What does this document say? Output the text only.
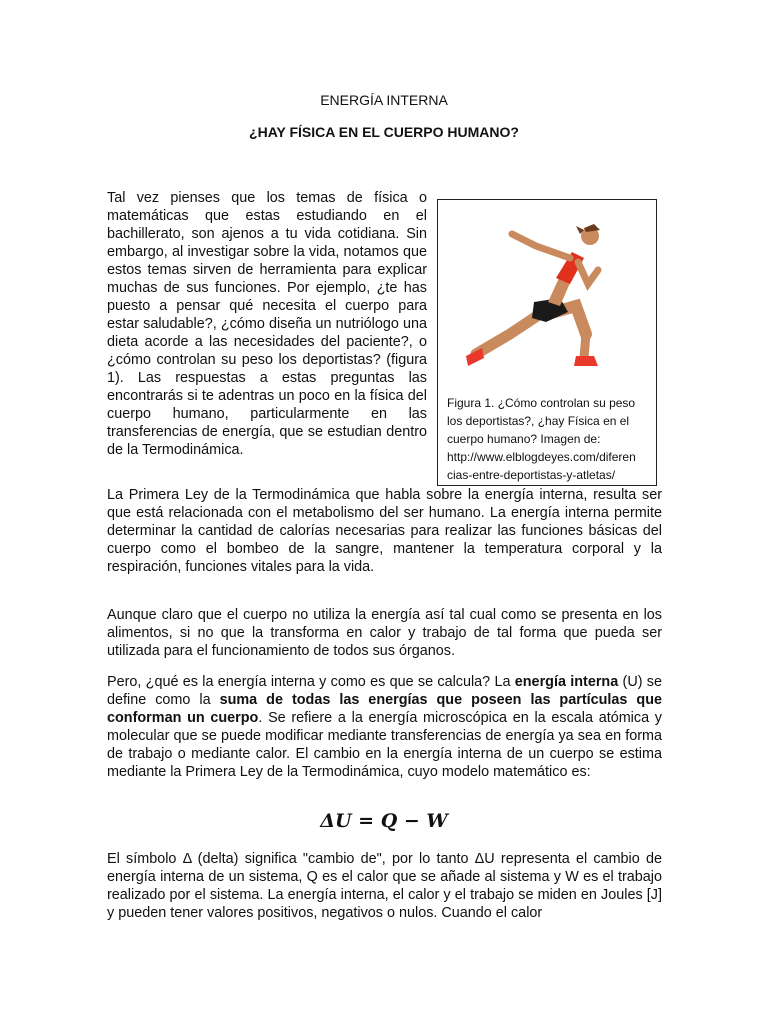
ENERGÍA INTERNA
¿HAY FÍSICA EN EL CUERPO HUMANO?

Tal vez pienses que los temas de física o matemáticas que estas estudiando en el bachillerato, son ajenos a tu vida cotidiana. Sin embargo, al investigar sobre la vida, notamos que estos temas sirven de herramienta para explicar muchas de sus funciones. Por ejemplo, ¿te has puesto a pensar qué necesita el cuerpo para estar saludable?, ¿cómo diseña un nutriólogo una dieta acorde a las necesidades del paciente?, o ¿cómo controlan su peso los deportistas? (figura 1). Las respuestas a estas preguntas las encontrarás si te adentras un poco en la física del cuerpo humano, particularmente en las transferencias de energía, que se estudian dentro de la Termodinámica.

Figura 1. ¿Cómo controlan su peso
los deportistas?, ¿hay Física en el
cuerpo humano? Imagen de:
http://www.elblogdeyes.com/diferen
cias-entre-deportistas-y-atletas/

La Primera Ley de la Termodinámica que habla sobre la energía interna, resulta ser que está relacionada con el metabolismo del ser humano. La energía interna permite determinar la cantidad de calorías necesarias para realizar las funciones básicas del cuerpo como el bombeo de la sangre, mantener la temperatura corporal y la respiración, funciones vitales para la vida.

Aunque claro que el cuerpo no utiliza la energía así tal cual como se presenta en los alimentos, si no que la transforma en calor y trabajo de tal forma que pueda ser utilizada para el funcionamiento de todos sus órganos.

Pero, ¿qué es la energía interna y como es que se calcula? La energía interna (U) se define como la suma de todas las energías que poseen las partículas que conforman un cuerpo. Se refiere a la energía microscópica en la escala atómica y molecular que se puede modificar mediante transferencias de energía ya sea en forma de trabajo o mediante calor. El cambio en la energía interna de un cuerpo se estima mediante la Primera Ley de la Termodinámica, cuyo modelo matemático es:

ΔU = Q − W

El símbolo Δ (delta) significa "cambio de", por lo tanto ΔU representa el cambio de energía interna de un sistema, Q es el calor que se añade al sistema y W es el trabajo realizado por el sistema. La energía interna, el calor y el trabajo se miden en Joules [J] y pueden tener valores positivos, negativos o nulos. Cuando el calor
